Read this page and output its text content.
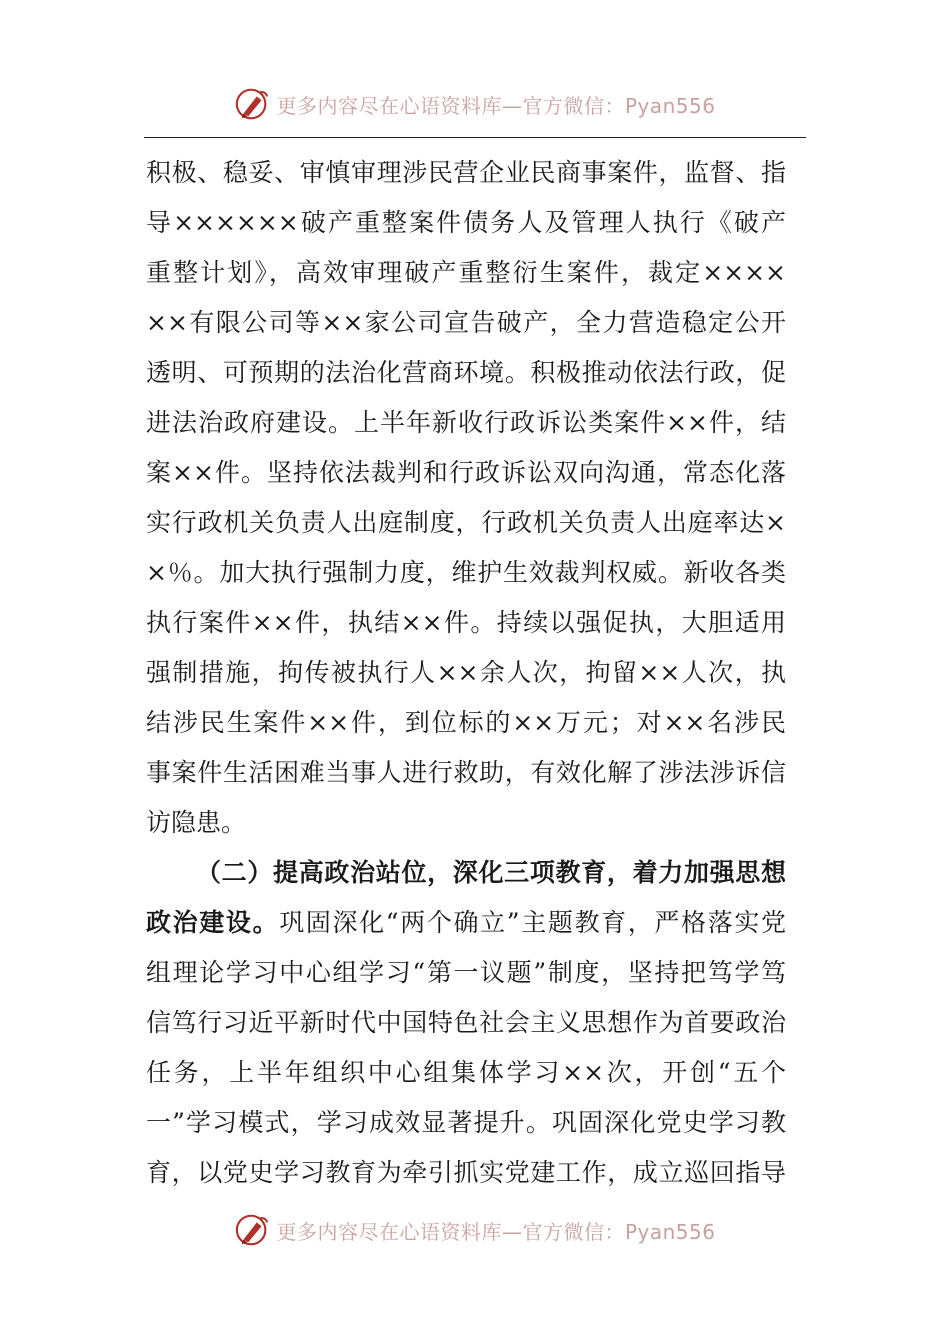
更多内容尽在心语资料库—官方微信：Pyan556
积极、稳妥、审慎审理涉民营企业民商事案件，监督、指
导××××××破产重整案件债务人及管理人执行《破产
重整计划》，高效审理破产重整衍生案件，裁定××××
××有限公司等××家公司宣告破产，全力营造稳定公开
透明、可预期的法治化营商环境。积极推动依法行政，促
进法治政府建设。上半年新收行政诉讼类案件××件，结
案××件。坚持依法裁判和行政诉讼双向沟通，常态化落
实行政机关负责人出庭制度，行政机关负责人出庭率达×
×％。加大执行强制力度，维护生效裁判权威。新收各类
执行案件××件，执结××件。持续以强促执，大胆适用
强制措施，拘传被执行人××余人次，拘留××人次，执
结涉民生案件××件，到位标的××万元；对××名涉民
事案件生活困难当事人进行救助，有效化解了涉法涉诉信
访隐患。
（二）提高政治站位，深化三项教育，着力加强思想
政治建设。巩固深化“两个确立”主题教育，严格落实党
组理论学习中心组学习“第一议题”制度，坚持把笃学笃
信笃行习近平新时代中国特色社会主义思想作为首要政治
任务，上半年组织中心组集体学习××次，开创“五个
一”学习模式，学习成效显著提升。巩固深化党史学习教
育，以党史学习教育为牵引抓实党建工作，成立巡回指导
更多内容尽在心语资料库—官方微信：Pyan556
